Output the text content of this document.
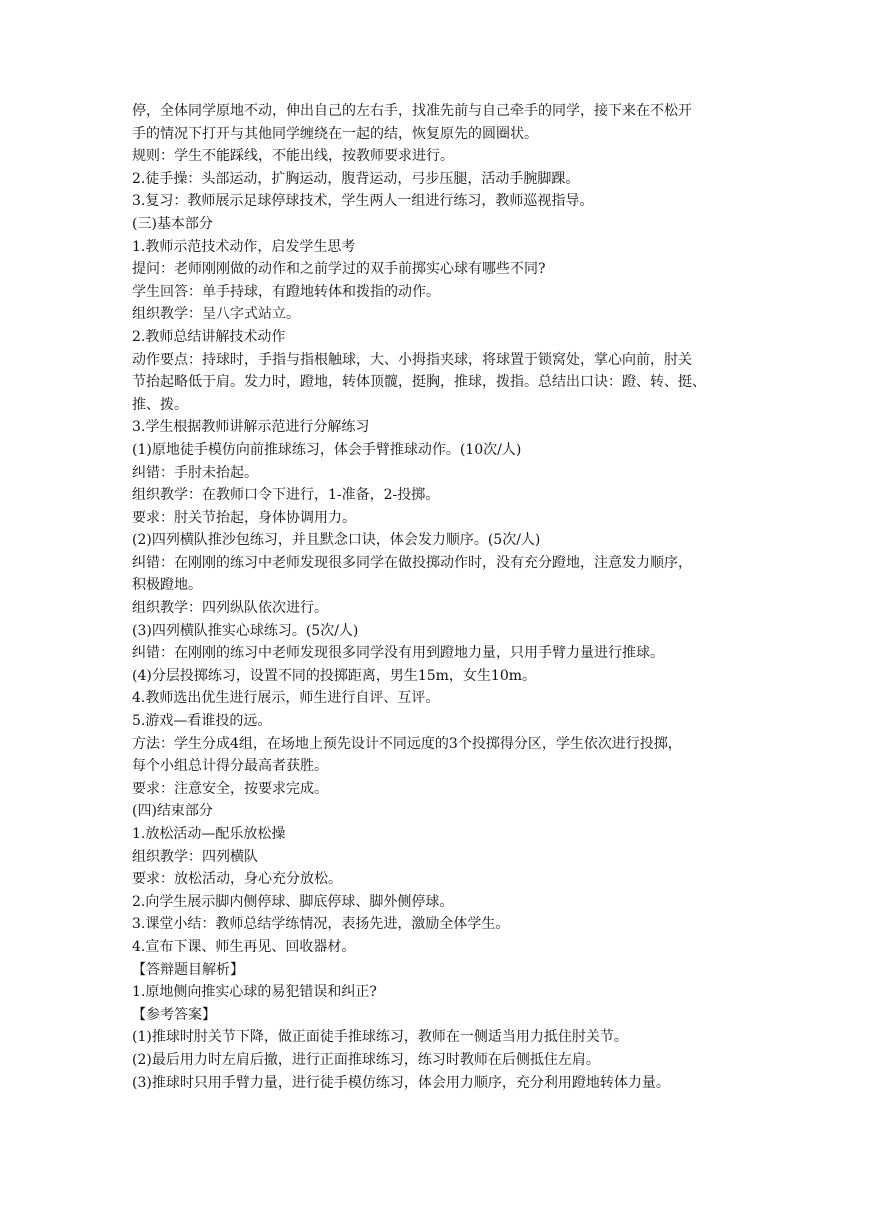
停，全体同学原地不动，伸出自己的左右手，找准先前与自己牵手的同学，接下来在不松开
手的情况下打开与其他同学缠绕在一起的结，恢复原先的圆圈状。
规则：学生不能踩线，不能出线，按教师要求进行。
2.徒手操：头部运动，扩胸运动，腹背运动，弓步压腿，活动手腕脚踝。
3.复习：教师展示足球停球技术，学生两人一组进行练习，教师巡视指导。
(三)基本部分
1.教师示范技术动作，启发学生思考
提问：老师刚刚做的动作和之前学过的双手前掷实心球有哪些不同?
学生回答：单手持球，有蹬地转体和拨指的动作。
组织教学：呈八字式站立。
2.教师总结讲解技术动作
动作要点：持球时，手指与指根触球，大、小拇指夹球，将球置于锁窝处，掌心向前，肘关
节抬起略低于肩。发力时，蹬地，转体顶髋，挺胸，推球，拨指。总结出口诀：蹬、转、挺、
推、拨。
3.学生根据教师讲解示范进行分解练习
(1)原地徒手模仿向前推球练习，体会手臂推球动作。(10次/人)
纠错：手肘未抬起。
组织教学：在教师口令下进行，1-准备，2-投掷。
要求：肘关节抬起，身体协调用力。
(2)四列横队推沙包练习，并且默念口诀，体会发力顺序。(5次/人)
纠错：在刚刚的练习中老师发现很多同学在做投掷动作时，没有充分蹬地，注意发力顺序，
积极蹬地。
组织教学：四列纵队依次进行。
(3)四列横队推实心球练习。(5次/人)
纠错：在刚刚的练习中老师发现很多同学没有用到蹬地力量，只用手臂力量进行推球。
(4)分层投掷练习，设置不同的投掷距离，男生15m，女生10m。
4.教师选出优生进行展示，师生进行自评、互评。
5.游戏—看谁投的远。
方法：学生分成4组，在场地上预先设计不同远度的3个投掷得分区，学生依次进行投掷，
每个小组总计得分最高者获胜。
要求：注意安全，按要求完成。
(四)结束部分
1.放松活动—配乐放松操
组织教学：四列横队
要求：放松活动，身心充分放松。
2.向学生展示脚内侧停球、脚底停球、脚外侧停球。
3.课堂小结：教师总结学练情况，表扬先进，激励全体学生。
4.宣布下课、师生再见、回收器材。
【答辩题目解析】
1.原地侧向推实心球的易犯错误和纠正?
【参考答案】
(1)推球时肘关节下降，做正面徒手推球练习，教师在一侧适当用力抵住肘关节。
(2)最后用力时左肩后撤，进行正面推球练习，练习时教师在后侧抵住左肩。
(3)推球时只用手臂力量，进行徒手模仿练习，体会用力顺序，充分利用蹬地转体力量。
